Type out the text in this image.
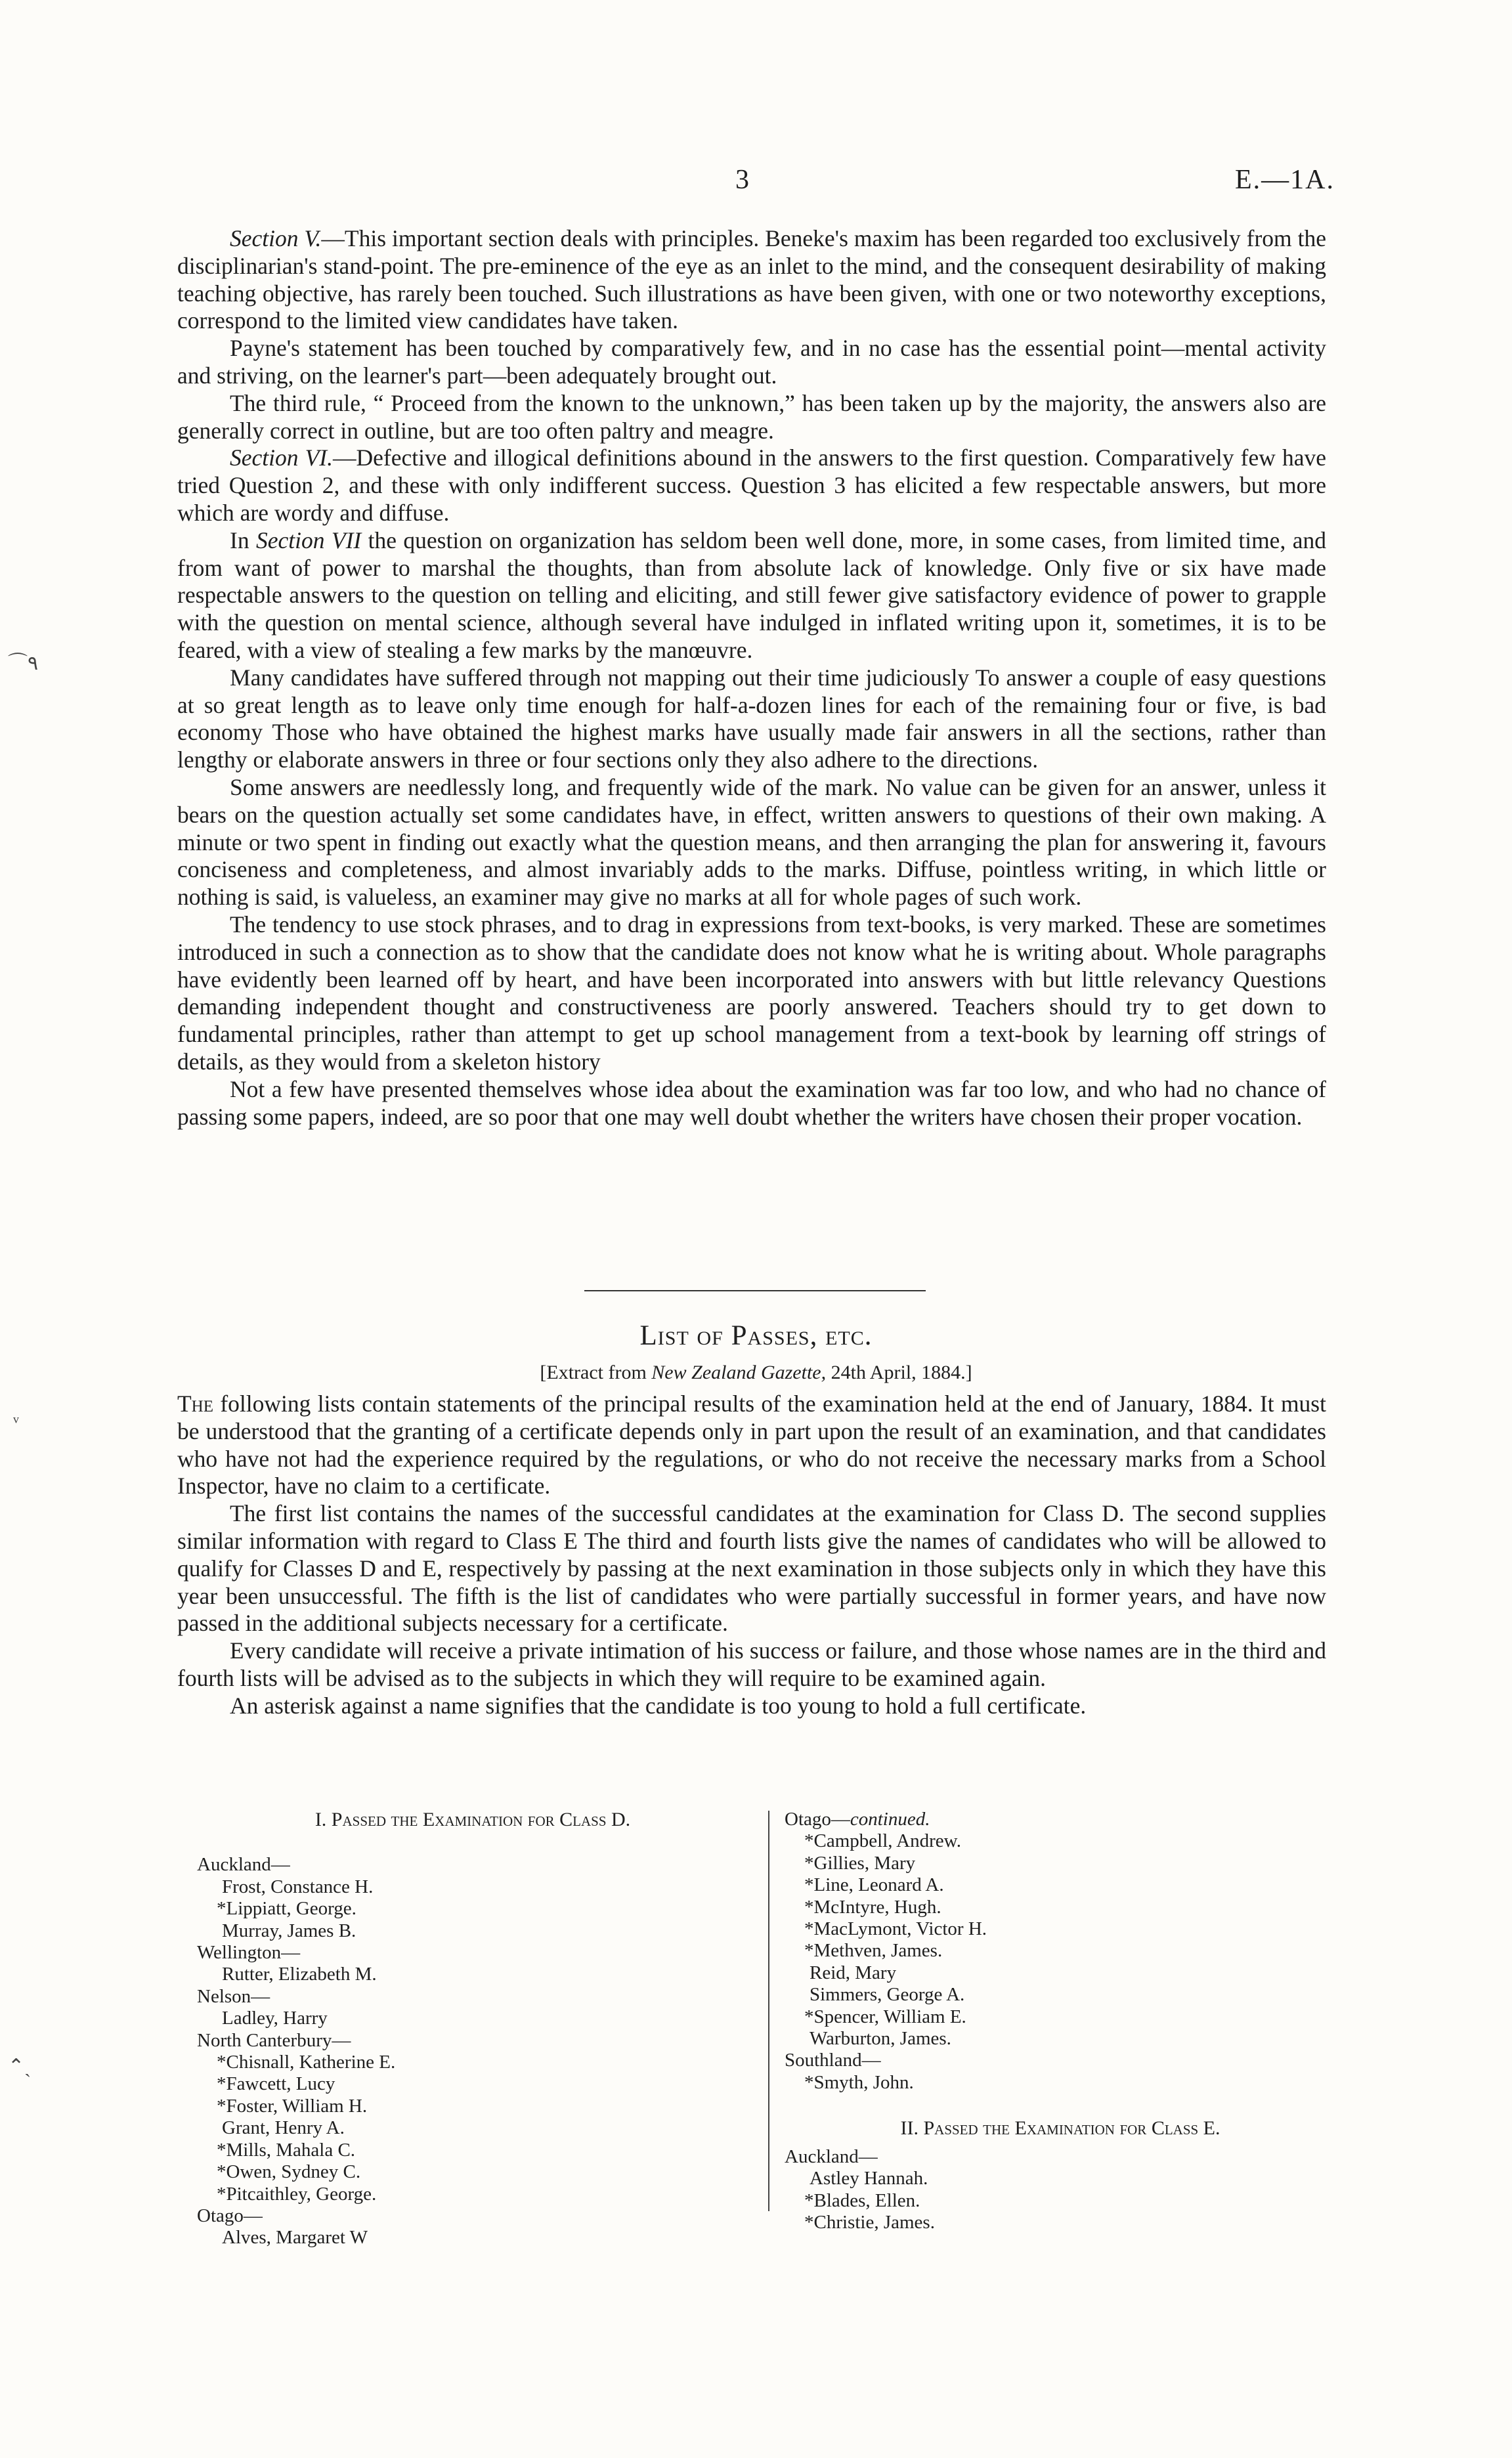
3	E.—1A.
⌒٩
ᵛ
⌃ˎ

Section V.—This important section deals with principles. Beneke's maxim has been regarded too exclusively from the disciplinarian's stand-point. The pre-eminence of the eye as an inlet to the mind, and the consequent desirability of making teaching objective, has rarely been touched. Such illustrations as have been given, with one or two noteworthy exceptions, correspond to the limited view candidates have taken.

Payne's statement has been touched by comparatively few, and in no case has the essential point—mental activity and striving, on the learner's part—been adequately brought out.

The third rule, “ Proceed from the known to the unknown,” has been taken up by the majority, the answers also are generally correct in outline, but are too often paltry and meagre.

Section VI.—Defective and illogical definitions abound in the answers to the first question. Comparatively few have tried Question 2, and these with only indifferent success. Question 3 has elicited a few respectable answers, but more which are wordy and diffuse.

In Section VII the question on organization has seldom been well done, more, in some cases, from limited time, and from want of power to marshal the thoughts, than from absolute lack of knowledge. Only five or six have made respectable answers to the question on telling and eliciting, and still fewer give satisfactory evidence of power to grapple with the question on mental science, although several have indulged in inflated writing upon it, sometimes, it is to be feared, with a view of stealing a few marks by the manœuvre.

Many candidates have suffered through not mapping out their time judiciously To answer a couple of easy questions at so great length as to leave only time enough for half-a-dozen lines for each of the remaining four or five, is bad economy Those who have obtained the highest marks have usually made fair answers in all the sections, rather than lengthy or elaborate answers in three or four sections only they also adhere to the directions.

Some answers are needlessly long, and frequently wide of the mark. No value can be given for an answer, unless it bears on the question actually set some candidates have, in effect, written answers to questions of their own making. A minute or two spent in finding out exactly what the question means, and then arranging the plan for answering it, favours conciseness and completeness, and almost invariably adds to the marks. Diffuse, pointless writing, in which little or nothing is said, is valueless, an examiner may give no marks at all for whole pages of such work.

The tendency to use stock phrases, and to drag in expressions from text-books, is very marked. These are sometimes introduced in such a connection as to show that the candidate does not know what he is writing about. Whole paragraphs have evidently been learned off by heart, and have been incorporated into answers with but little relevancy Questions demanding independent thought and constructiveness are poorly answered. Teachers should try to get down to fundamental principles, rather than attempt to get up school management from a text-book by learning off strings of details, as they would from a skeleton history

Not a few have presented themselves whose idea about the examination was far too low, and who had no chance of passing some papers, indeed, are so poor that one may well doubt whether the writers have chosen their proper vocation.

List of Passes, etc.
[Extract from New Zealand Gazette, 24th April, 1884.]

The following lists contain statements of the principal results of the examination held at the end of January, 1884. It must be understood that the granting of a certificate depends only in part upon the result of an examination, and that candidates who have not had the experience required by the regulations, or who do not receive the necessary marks from a School Inspector, have no claim to a certificate.

The first list contains the names of the successful candidates at the examination for Class D. The second supplies similar information with regard to Class E The third and fourth lists give the names of candidates who will be allowed to qualify for Classes D and E, respectively by passing at the next examination in those subjects only in which they have this year been unsuccessful. The fifth is the list of candidates who were partially successful in former years, and have now passed in the additional subjects necessary for a certificate.

Every candidate will receive a private intimation of his success or failure, and those whose names are in the third and fourth lists will be advised as to the subjects in which they will require to be examined again.

An asterisk against a name signifies that the candidate is too young to hold a full certificate.

I. Passed the Examination for Class D.

Auckland—

Frost, Constance H.

*Lippiatt, George.

Murray, James B.

Wellington—

Rutter, Elizabeth M.

Nelson—

Ladley, Harry

North Canterbury—

*Chisnall, Katherine E.

*Fawcett, Lucy

*Foster, William H.

Grant, Henry A.

*Mills, Mahala C.

*Owen, Sydney C.

*Pitcaithley, George.

Otago—

Alves, Margaret W

Otago—continued.

*Campbell, Andrew.

*Gillies, Mary

*Line, Leonard A.

*McIntyre, Hugh.

*MacLymont, Victor H.

*Methven, James.

Reid, Mary

Simmers, George A.

*Spencer, William E.

Warburton, James.

Southland—

*Smyth, John.

II. Passed the Examination for Class E.

Auckland—

Astley Hannah.

*Blades, Ellen.

*Christie, James.
